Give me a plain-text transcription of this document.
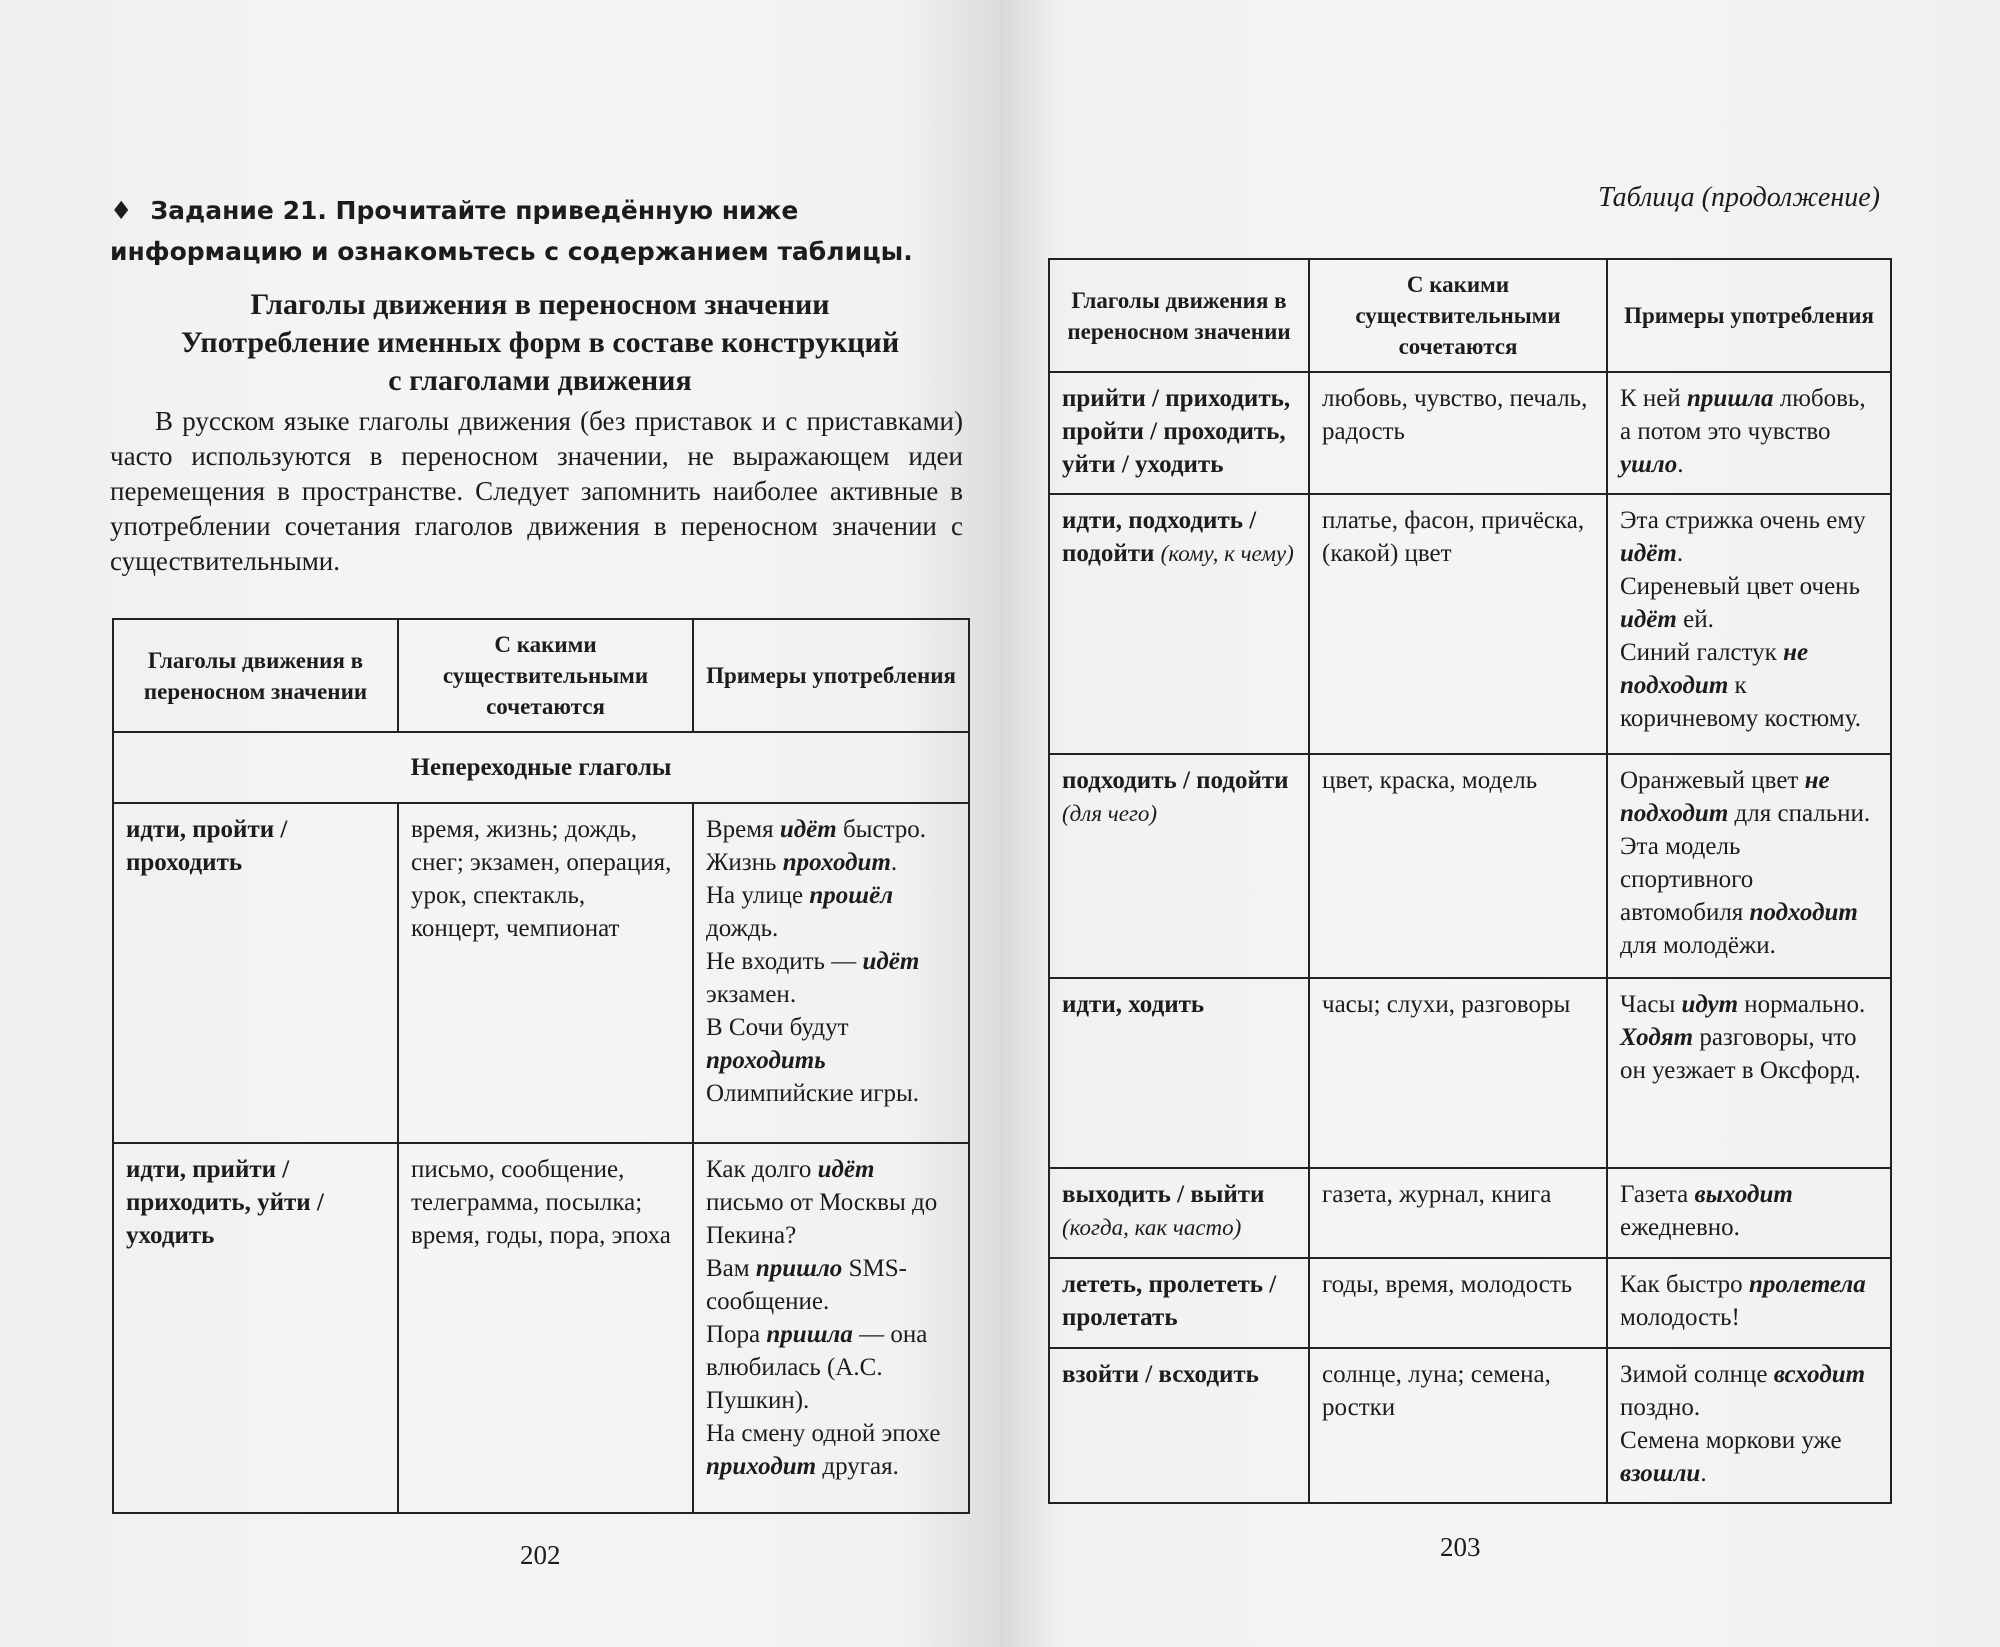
♦ Задание 21. Прочитайте приведённую ниже информацию и ознакомьтесь с содержанием таблицы.
Глаголы движения в переносном значении
Употребление именных форм в составе конструкций
с глаголами движения
В русском языке глаголы движения (без приставок и с приставками) часто используются в переносном значении, не выражающем идеи перемещения в пространстве. Следует запомнить наиболее активные в употреблении сочетания глаголов движения в переносном значении с существительными.
Глаголы движения в переносном значении	С какими существительными сочетаются	Примеры употребления
Непереходные глаголы		
идти, пройти / проходить	время, жизнь; дождь, снег; экзамен, операция, урок, спектакль, концерт, чемпионат	Время идёт быстро.
Жизнь проходит.
На улице прошёл дождь.
Не входить — идёт экзамен.
В Сочи будут проходить Олимпийские игры.

идти, прийти / приходить, уйти / уходить	письмо, сообщение, телеграмма, посылка; время, годы, пора, эпоха	Как долго идёт письмо от Москвы до Пекина?
Вам пришло SMS-сообщение.
Пора пришла — она влюбилась (А.С. Пушкин).
На смену одной эпохе приходит другая.
202
Таблица (продолжение)
Глаголы движения в переносном значении	С какими существительными сочетаются	Примеры употребления
прийти / приходить, пройти / проходить, уйти / уходить	любовь, чувство, печаль, радость	К ней пришла любовь, а потом это чувство ушло.
идти, подходить / подойти (кому, к чему)	платье, фасон, причёска, (какой) цвет	Эта стрижка очень ему идёт.
Сиреневый цвет очень идёт ей.
Синий галстук не подходит к коричневому костюму.

подходить / подойти (для чего)	цвет, краска, модель	Оранжевый цвет не подходит для спальни.
Эта модель спортивного автомобиля подходит для молодёжи.

идти, ходить	часы; слухи, разговоры	Часы идут нормально.
Ходят разговоры, что он уезжает в Оксфорд.

выходить / выйти (когда, как часто)	газета, журнал, книга	Газета выходит ежедневно.

лететь, пролететь / пролетать	годы, время, молодость	Как быстро пролетела молодость!

взойти / всходить	солнце, луна; семена, ростки	Зимой солнце всходит поздно.
Семена моркови уже взошли.
203
